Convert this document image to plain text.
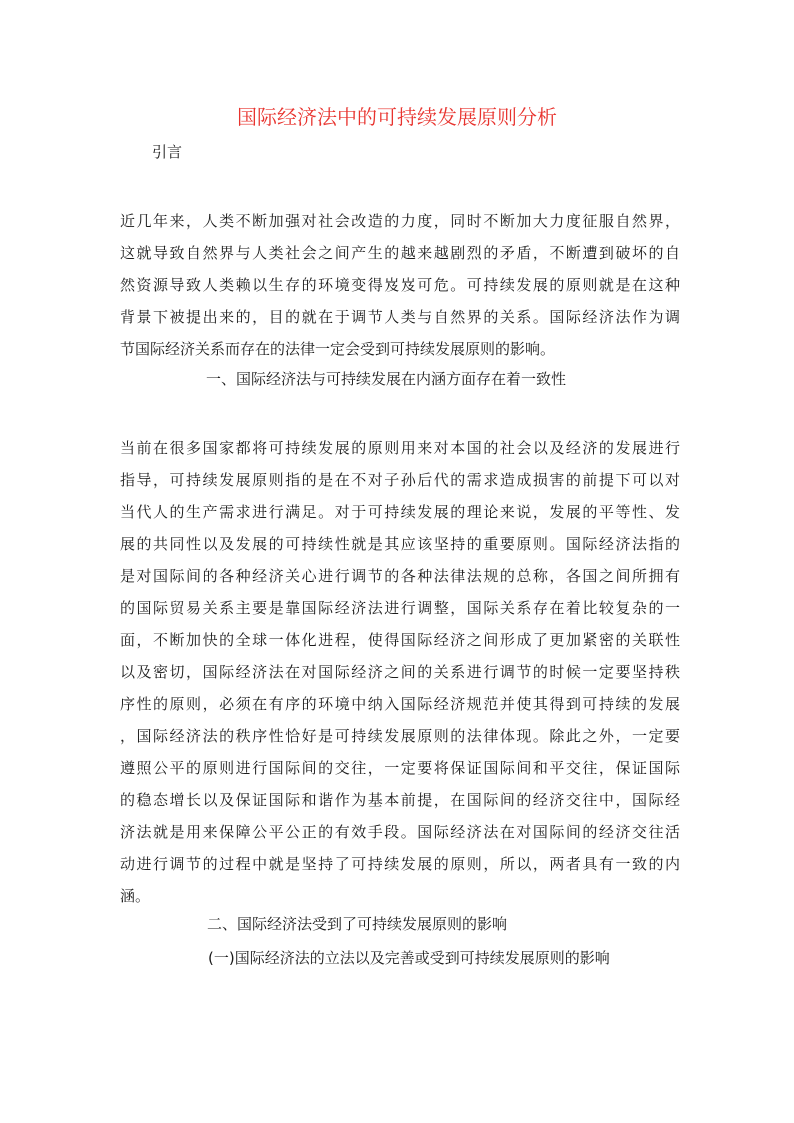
国际经济法中的可持续发展原则分析

引言

近几年来，人类不断加强对社会改造的力度，同时不断加大力度征服自然界，
这就导致自然界与人类社会之间产生的越来越剧烈的矛盾，不断遭到破坏的自
然资源导致人类赖以生存的环境变得岌岌可危。可持续发展的原则就是在这种
背景下被提出来的，目的就在于调节人类与自然界的关系。国际经济法作为调
节国际经济关系而存在的法律一定会受到可持续发展原则的影响。
一、国际经济法与可持续发展在内涵方面存在着一致性
当前在很多国家都将可持续发展的原则用来对本国的社会以及经济的发展进行
指导，可持续发展原则指的是在不对子孙后代的需求造成损害的前提下可以对
当代人的生产需求进行满足。对于可持续发展的理论来说，发展的平等性、发
展的共同性以及发展的可持续性就是其应该坚持的重要原则。国际经济法指的
是对国际间的各种经济关心进行调节的各种法律法规的总称，各国之间所拥有
的国际贸易关系主要是靠国际经济法进行调整，国际关系存在着比较复杂的一
面，不断加快的全球一体化进程，使得国际经济之间形成了更加紧密的关联性
以及密切，国际经济法在对国际经济之间的关系进行调节的时候一定要坚持秩
序性的原则，必须在有序的环境中纳入国际经济规范并使其得到可持续的发展
，国际经济法的秩序性恰好是可持续发展原则的法律体现。除此之外，一定要
遵照公平的原则进行国际间的交往，一定要将保证国际间和平交往，保证国际
的稳态增长以及保证国际和谐作为基本前提，在国际间的经济交往中，国际经
济法就是用来保障公平公正的有效手段。国际经济法在对国际间的经济交往活
动进行调节的过程中就是坚持了可持续发展的原则，所以，两者具有一致的内
涵。
二、国际经济法受到了可持续发展原则的影响
(一)国际经济法的立法以及完善或受到可持续发展原则的影响
